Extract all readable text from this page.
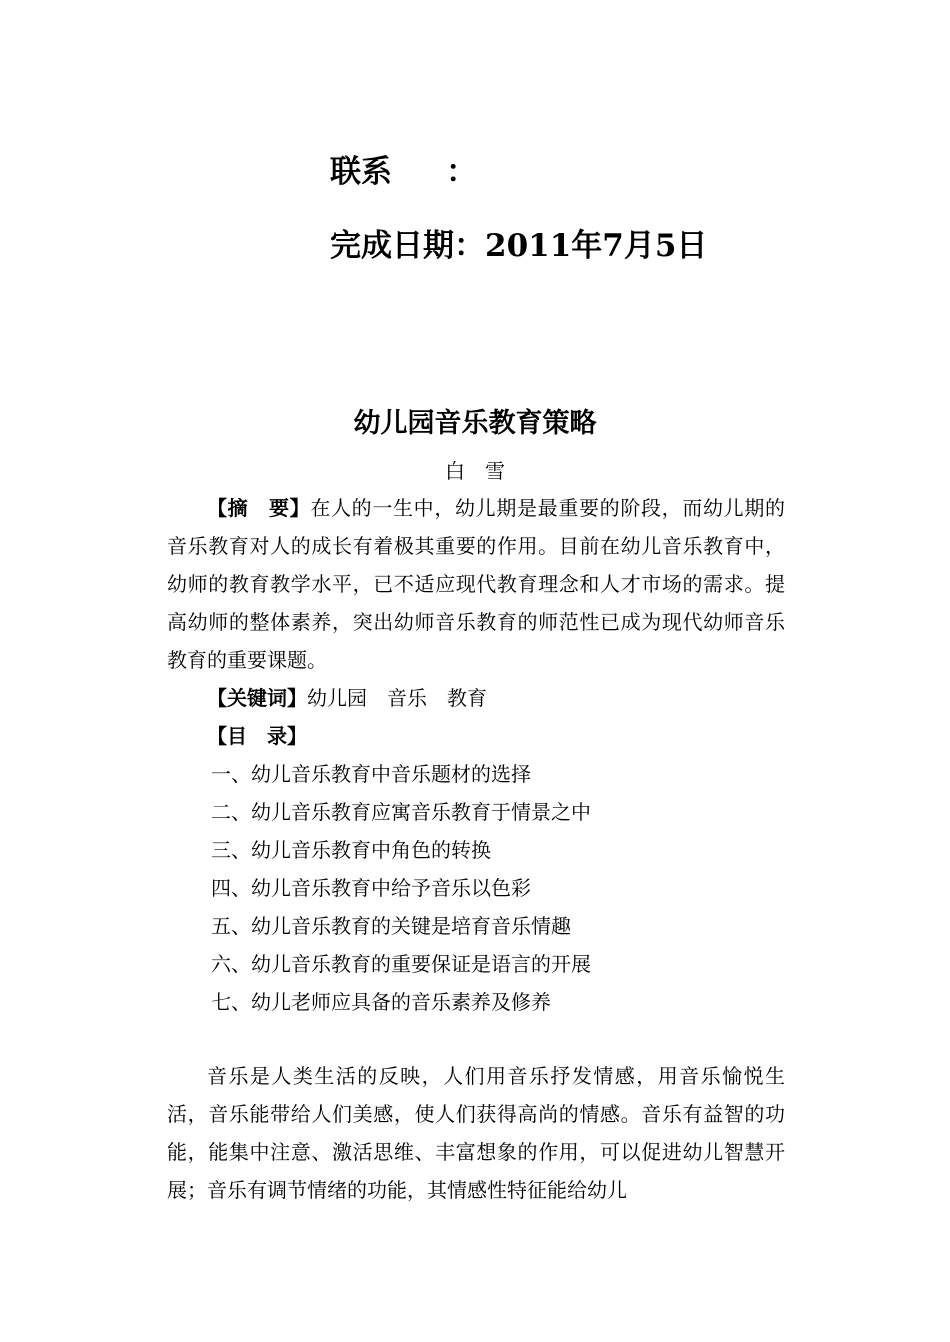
联系     ：
完成日期：2011年7月5日
幼儿园音乐教育策略
白雪
【摘　要】在人的一生中，幼儿期是最重要的阶段，而幼儿期的音乐教育对人的成长有着极其重要的作用。目前在幼儿音乐教育中，幼师的教育教学水平，已不适应现代教育理念和人才市场的需求。提高幼师的整体素养，突出幼师音乐教育的师范性已成为现代幼师音乐教育的重要课题。
【关键词】幼儿园　音乐　教育
【目　录】
一、幼儿音乐教育中音乐题材的选择
二、幼儿音乐教育应寓音乐教育于情景之中
三、幼儿音乐教育中角色的转换
四、幼儿音乐教育中给予音乐以色彩
五、幼儿音乐教育的关键是培育音乐情趣
六、幼儿音乐教育的重要保证是语言的开展
七、幼儿老师应具备的音乐素养及修养
音乐是人类生活的反映，人们用音乐抒发情感，用音乐愉悦生活，音乐能带给人们美感，使人们获得高尚的情感。音乐有益智的功能，能集中注意、激活思维、丰富想象的作用，可以促进幼儿智慧开展；音乐有调节情绪的功能，其情感性特征能给幼儿
